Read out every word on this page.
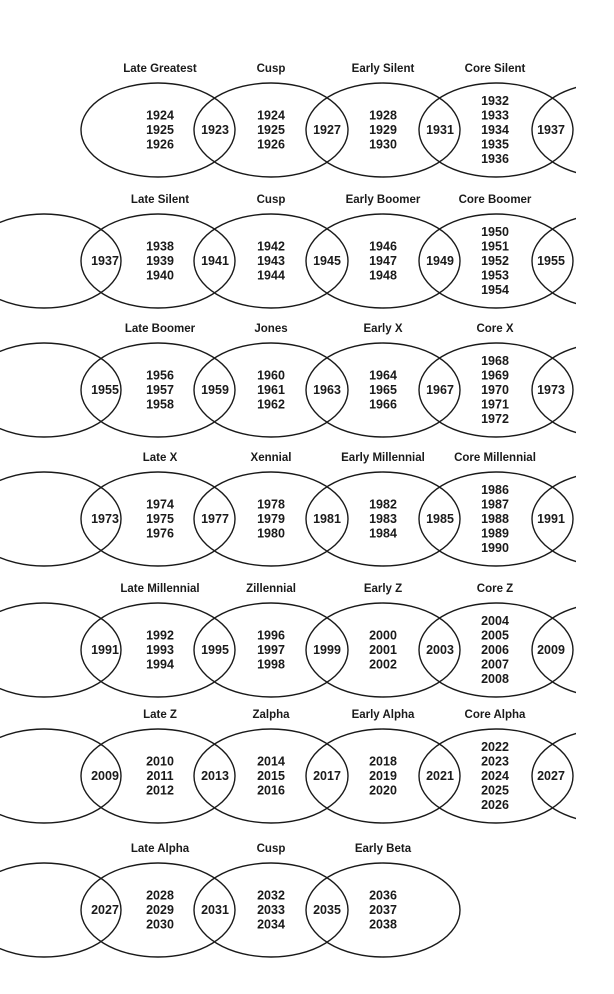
Late Greatest	Cusp	Early Silent	Core Silent
1924
1925
1926
1924
1925
1926
1928
1929
1930
1932
1933
1934
1935
1936
1923	1927	1931	1937
Late Silent	Cusp	Early Boomer	Core Boomer
1938
1939
1940
1942
1943
1944
1946
1947
1948
1950
1951
1952
1953
1954
1937	1941	1945	1949	1955
Late Boomer	Jones	Early X	Core X
1956
1957
1958
1960
1961
1962
1964
1965
1966
1968
1969
1970
1971
1972
1955	1959	1963	1967	1973
Late X	Xennial	Early Millennial	Core Millennial
1974
1975
1976
1978
1979
1980
1982
1983
1984
1986
1987
1988
1989
1990
1973	1977	1981	1985	1991
Late Millennial	Zillennial	Early Z	Core Z
1992
1993
1994
1996
1997
1998
2000
2001
2002
2004
2005
2006
2007
2008
1991	1995	1999	2003	2009
Late Z	Zalpha	Early Alpha	Core Alpha
2010
2011
2012
2014
2015
2016
2018
2019
2020
2022
2023
2024
2025
2026
2009	2013	2017	2021	2027
Late Alpha	Cusp	Early Beta
2028
2029
2030
2032
2033
2034
2036
2037
2038
2027	2031	2035
